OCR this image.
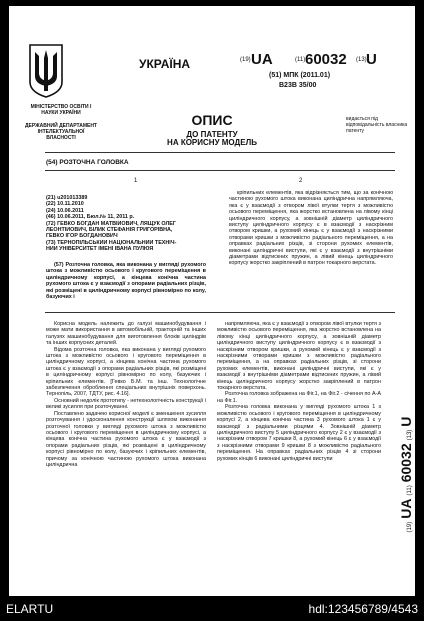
МІНІСТЕРСТВО ОСВІТИ І НАУКИ УКРАЇНИ
ДЕРЖАВНИЙ ДЕПАРТАМЕНТ ІНТЕЛЕКТУАЛЬНОЇ ВЛАСНОСТІ
УКРАЇНА	(19) UA	(11) 60032 (13) U
(51) МПК (2011.01)
B23B 35/00
ОПИС
ДО ПАТЕНТУ
НА КОРИСНУ МОДЕЛЬ
видається під відповідальність власника патенту
(54) РОЗТОЧНА ГОЛОВКА
1	2
(21) u201013389
(22) 10.11.2010
(24) 10.06.2011
(46) 10.06.2011, Бюл.№ 11, 2011 р.
(72) ГЕВКО БОГДАН МАТВІЙОВИЧ, ЛЯЩУК ОЛЕГ
ЛЕОНТІЙОВИЧ, БІЛИК СТЕФАНІЯ ГРИГОРІВНА,
ГЕВКО ІГОР БОГДАНОВИЧ
(73) ТЕРНОПІЛЬСЬКИЙ НАЦІОНАЛЬНИЙ ТЕХНІЧ-
НИЙ УНІВЕРСИТЕТ ІМЕНІ ІВАНА ПУЛЮЯ

(57) Розточна головка, яка виконана у вигляді рухомого штока з можливістю осьового і кругового переміщення в циліндричному корпусі, а кінцева конічна частина рухомого штока є у взаємодії з опорами радіальних різців, які розміщені в циліндричному корпусі рівномірно по колу, базуючих і

кріпильних елементів, яка відрізняється тим, що за конічною частиною рухомого штока виконана циліндрична напрямляюча, яка є у взаємодії з отвором лівої втулки тертя з можливістю осьового переміщення, яка жорстко встановлена на лівому кінці циліндричного корпусу, а зовнішній діаметр циліндричного виступу циліндричного корпусу є в взаємодії з наскрізним отвором кришки, а рухомий кінець є у взаємодії з наскрізними отворами кришки з можливістю радіального переміщення, а на оправках радіальних різців, зі сторони рухомих елементів, виконані циліндричні виступи, які є у взаємодії з внутрішніми діаметрами відтискних пружин, а лівий кінець циліндричного корпусу жорстко закріплений в патрон токарного верстата.

Корисна модель належить до галузі машинобудування і може мати використання в автомобільній, тракторній та інших галузях машинобудування для виготовлення блоків циліндрів та інших корпусних деталей.

Відома розточна головка, яка виконана у вигляді рухомого штока з можливістю осьового і кругового переміщення в циліндричному корпусі, а кінцева конічна частина рухомого штока є у взаємодії з опорами радіальних різців, які розміщені в циліндричному корпусі рівномірно по колу, базуючих і кріпильних елементів. [Гевко Б.М. та інш. Технологічне забезпечення оброблення спеціальних внутрішніх поверхонь. Тернопіль, 2007, ТДТУ, рис. 4.16].

Основний недолік прототипу - нетехнологічність конструкції і великі зусилля при розточуванні.

Поставлено задачею корисної моделі є зменшення зусилля розточування і удосконалення конструкції шляхом виконання розточної головки у вигляді рухомого штока з можливістю осьового і кругового переміщення в циліндричному корпусі, а кінцева конічна частина рухомого штока є у взаємодії з опорами радіальних різців, які розміщені в циліндричному корпусі рівномірно по колу, базуючих і кріпильних елементів, причому за конічною частиною рухомого штока виконана циліндрична

напрямляюча, яка є у взаємодії з отвором лівої втулки тертя з можливістю осьового переміщення, яка жорстко встановлена на лівому кінці циліндричного корпусу, а зовнішній діаметр циліндричного виступу циліндричного корпусу є в взаємодії з наскрізним отвором кришки, а рухомий кінець є у взаємодії з наскрізними отворами кришки з можливістю радіального переміщення, а на оправках радіальних різців, зі сторони рухомих елементів, виконані циліндричні виступи, які є у взаємодії з внутрішніми діаметрами відтискних пружин, а лівий кінець циліндричного корпусу жорстко закріплений в патрон токарного верстата.

Розточна головка зображена на Фіг.1, на Фіг.2 - січення по А-А на Фіг.1.

Розточна головка виконана у вигляді рухомого штока 1 з можливістю осьового і кругового переміщення в циліндричному корпусі 2, а кінцева конічна частина 3 рухомого штока 1 є у взаємодії з радіальними різцями 4. Зовнішній діаметр циліндричного виступу 5 циліндричного корпусу 2 є у взаємодії з наскрізним отвором 7 кришки 8, а рухомий кінець 6 є у взаємодії з наскрізними отворами 9 кришки 8 з можливістю радіального переміщення. На оправках радіальних різців 4 зі сторони рухомих кінців 6 виконані циліндричні виступи

(19)UA(11)60032(13)U
ELARTU	hdl:123456789/4543
